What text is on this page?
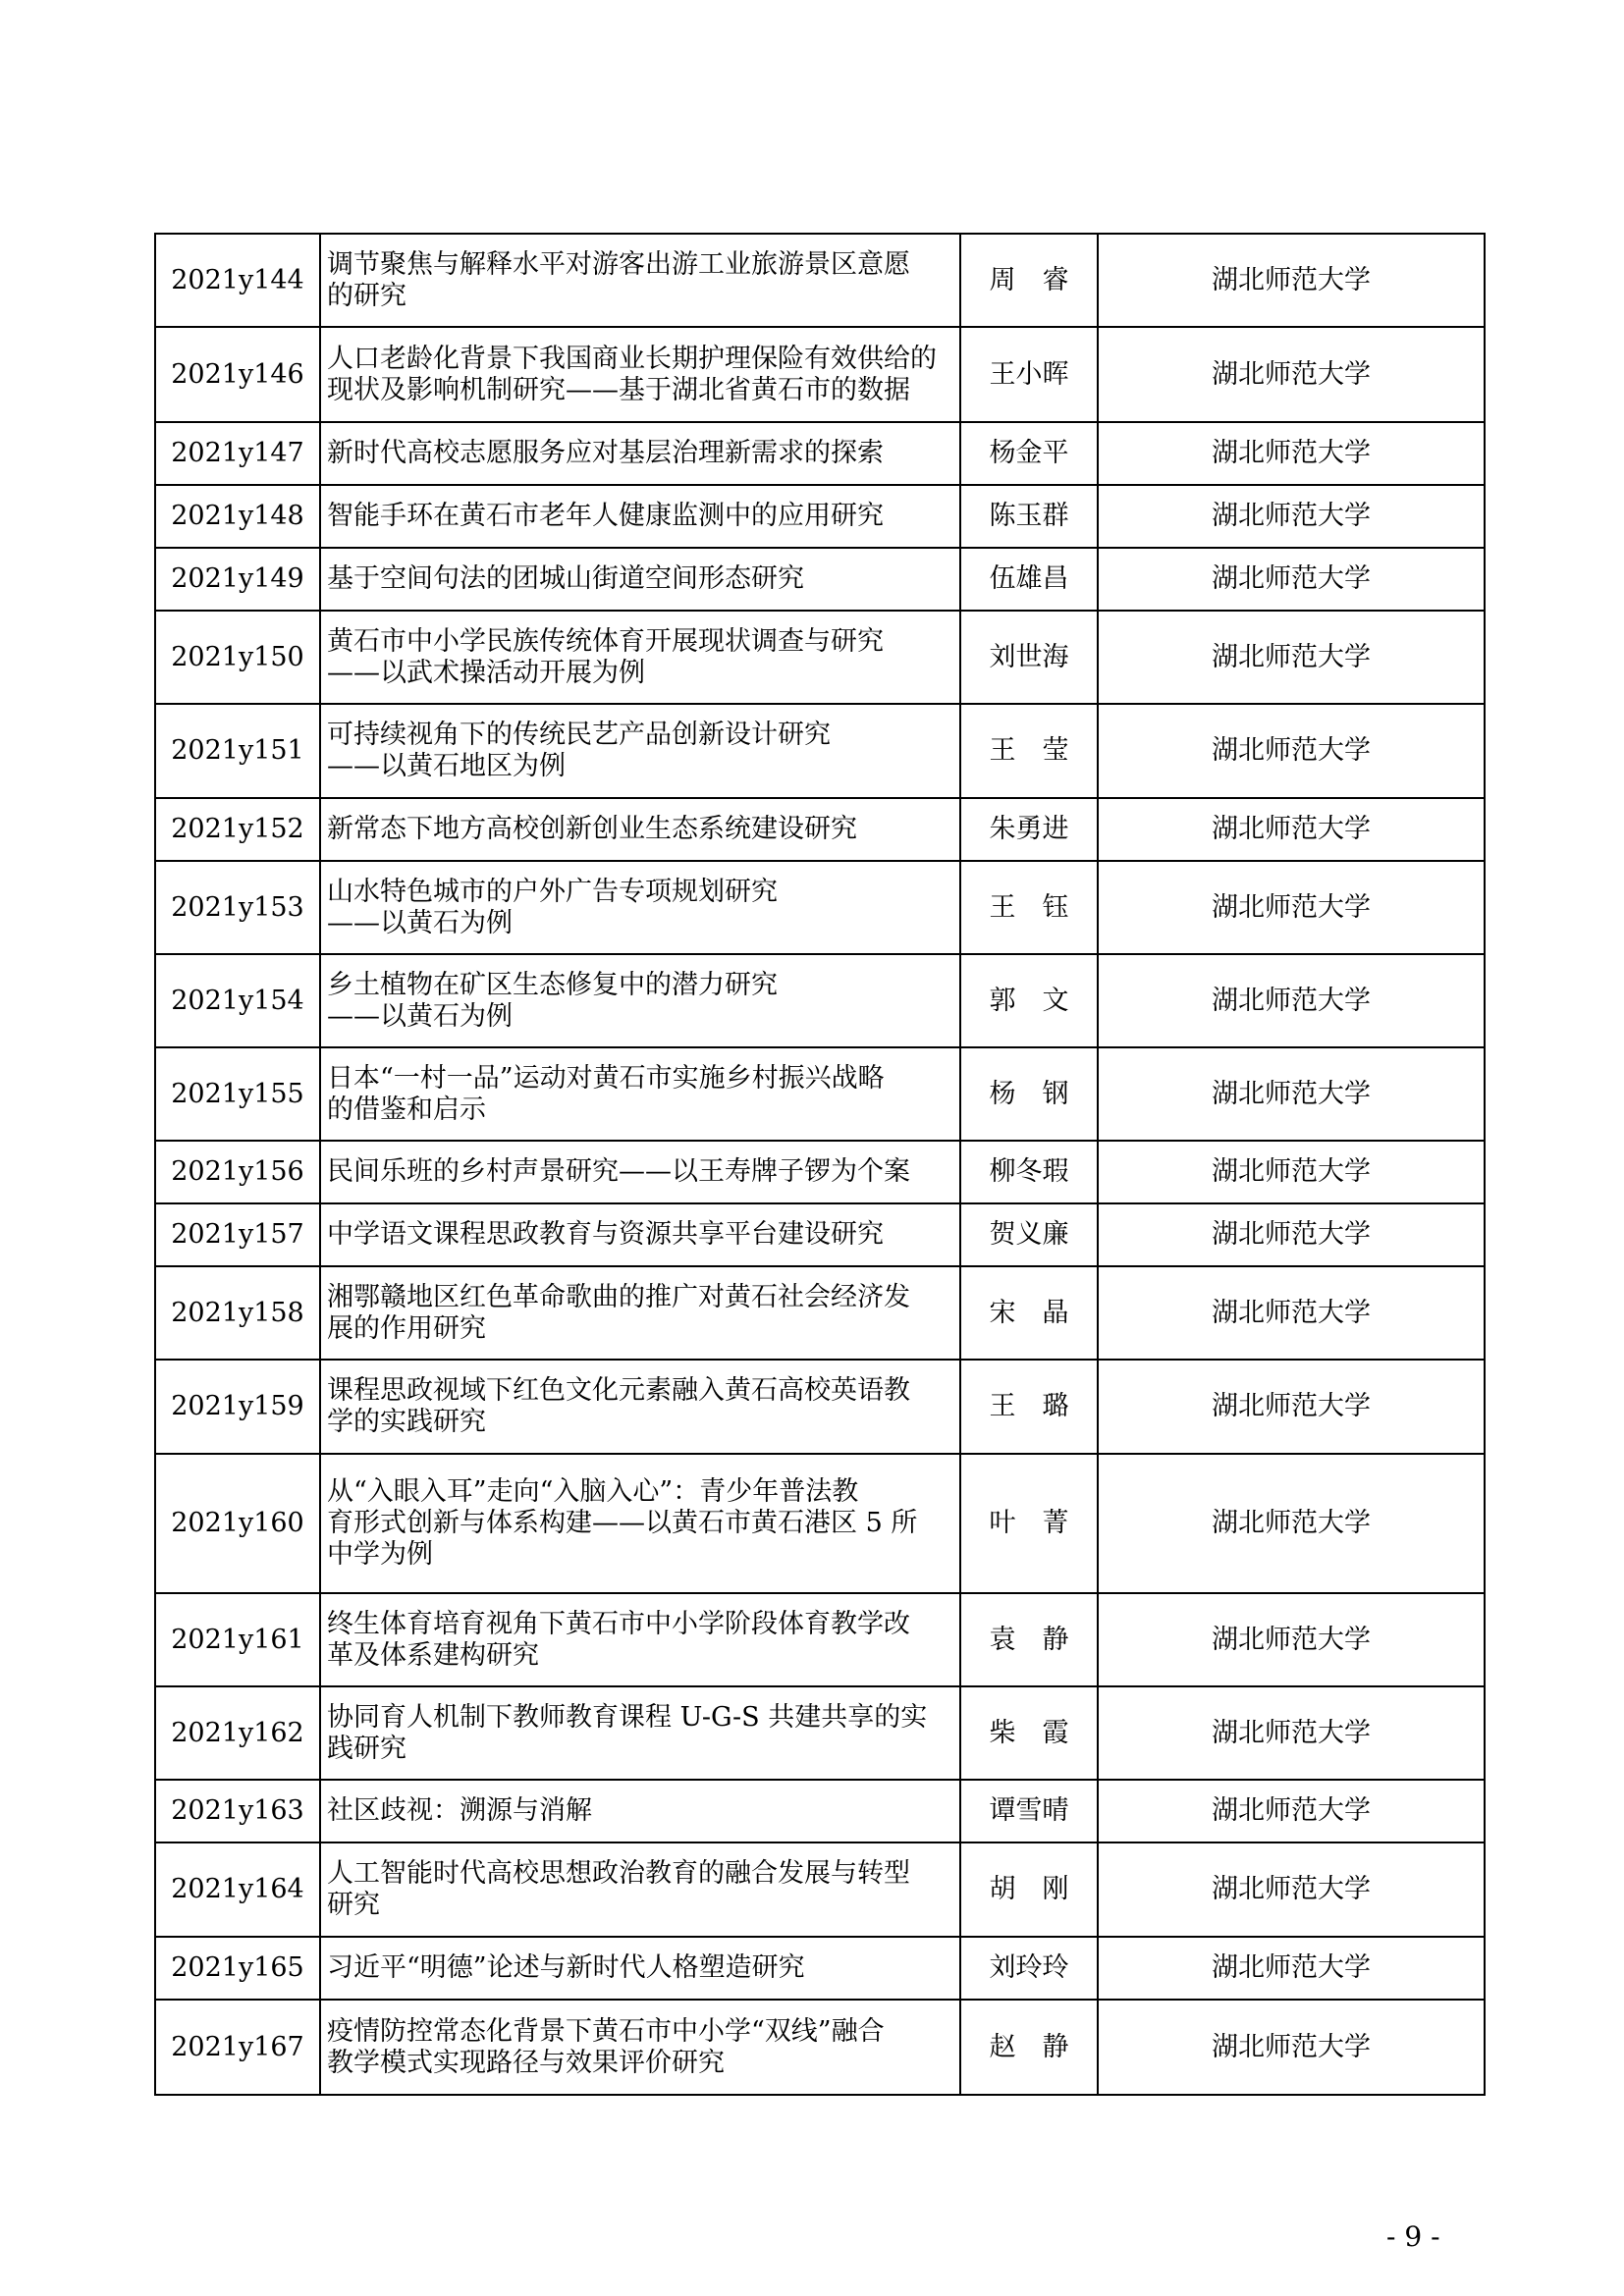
2021y144	调节聚焦与解释水平对游客出游工业旅游景区意愿
的研究	周　睿	湖北师范大学
2021y146	人口老龄化背景下我国商业长期护理保险有效供给的
现状及影响机制研究——基于湖北省黄石市的数据	王小晖	湖北师范大学
2021y147	新时代高校志愿服务应对基层治理新需求的探索	杨金平	湖北师范大学
2021y148	智能手环在黄石市老年人健康监测中的应用研究	陈玉群	湖北师范大学
2021y149	基于空间句法的团城山街道空间形态研究	伍雄昌	湖北师范大学
2021y150	黄石市中小学民族传统体育开展现状调查与研究
——以武术操活动开展为例	刘世海	湖北师范大学
2021y151	可持续视角下的传统民艺产品创新设计研究
——以黄石地区为例	王　莹	湖北师范大学
2021y152	新常态下地方高校创新创业生态系统建设研究	朱勇进	湖北师范大学
2021y153	山水特色城市的户外广告专项规划研究
——以黄石为例	王　钰	湖北师范大学
2021y154	乡土植物在矿区生态修复中的潜力研究
——以黄石为例	郭　文	湖北师范大学
2021y155	日本“一村一品”运动对黄石市实施乡村振兴战略
的借鉴和启示	杨　钢	湖北师范大学
2021y156	民间乐班的乡村声景研究——以王寿牌子锣为个案	柳冬瑕	湖北师范大学
2021y157	中学语文课程思政教育与资源共享平台建设研究	贺义廉	湖北师范大学
2021y158	湘鄂赣地区红色革命歌曲的推广对黄石社会经济发
展的作用研究	宋　晶	湖北师范大学
2021y159	课程思政视域下红色文化元素融入黄石高校英语教
学的实践研究	王　璐	湖北师范大学
2021y160	从“入眼入耳”走向“入脑入心”：青少年普法教
育形式创新与体系构建——以黄石市黄石港区 5 所
中学为例	叶　菁	湖北师范大学
2021y161	终生体育培育视角下黄石市中小学阶段体育教学改
革及体系建构研究	袁　静	湖北师范大学
2021y162	协同育人机制下教师教育课程 U-G-S 共建共享的实
践研究	柴　霞	湖北师范大学
2021y163	社区歧视：溯源与消解	谭雪晴	湖北师范大学
2021y164	人工智能时代高校思想政治教育的融合发展与转型
研究	胡　刚	湖北师范大学
2021y165	习近平“明德”论述与新时代人格塑造研究	刘玲玲	湖北师范大学
2021y167	疫情防控常态化背景下黄石市中小学“双线”融合
教学模式实现路径与效果评价研究	赵　静	湖北师范大学
- 9 -
